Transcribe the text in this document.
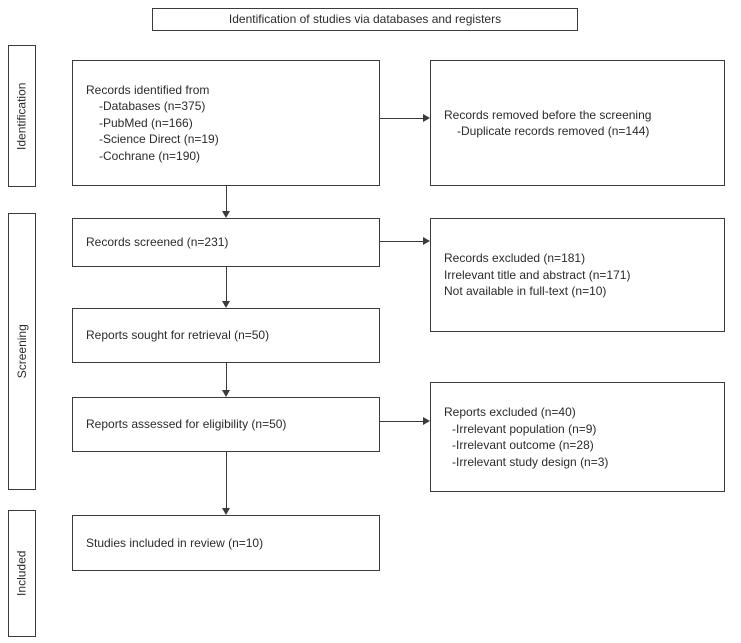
Identification of studies via databases and registers
Identification
Screening
Included
Records identified from
-Databases (n=375)
-PubMed (n=166)
-Science Direct (n=19)
-Cochrane (n=190)
Records screened (n=231)
Reports sought for retrieval (n=50)
Reports assessed for eligibility (n=50)
Studies included in review (n=10)
Records removed before the screening
-Duplicate records removed (n=144)
Records excluded (n=181)
Irrelevant title and abstract (n=171)
Not available in full-text (n=10)
Reports excluded (n=40)
-Irrelevant population (n=9)
-Irrelevant outcome (n=28)
-Irrelevant study design (n=3)
